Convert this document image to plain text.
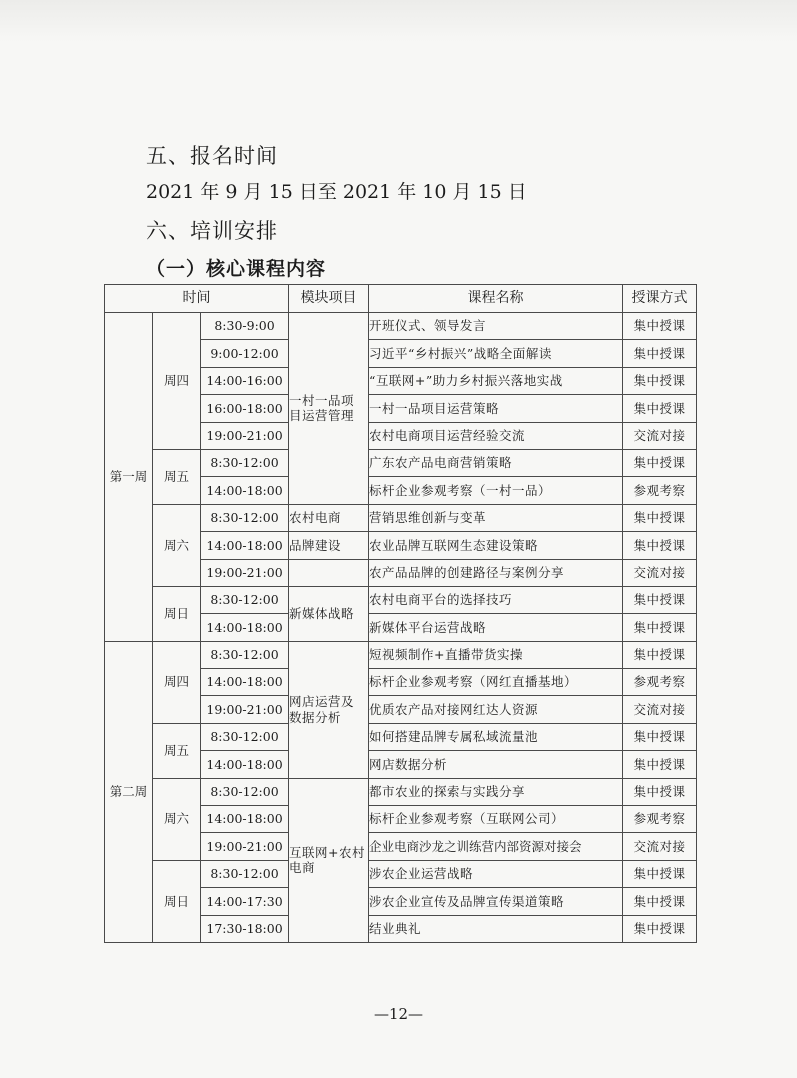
五、报名时间

2021 年 9 月 15 日至 2021 年 10 月 15 日

六、培训安排
（一）核心课程内容
时间			模块项目	课程名称	授课方式
第一周	周四	8:30-9:00	一村一品项
目运营管理	开班仪式、领导发言	集中授课
		9:00-12:00		习近平“乡村振兴”战略全面解读	集中授课
		14:00-16:00		“互联网+”助力乡村振兴落地实战	集中授课
		16:00-18:00		一村一品项目运营策略	集中授课
		19:00-21:00		农村电商项目运营经验交流	交流对接
	周五	8:30-12:00		广东农产品电商营销策略	集中授课
		14:00-18:00		标杆企业参观考察（一村一品）	参观考察
	周六	8:30-12:00	农村电商	营销思维创新与变革	集中授课
		14:00-18:00	品牌建设	农业品牌互联网生态建设策略	集中授课
		19:00-21:00		农产品品牌的创建路径与案例分享	交流对接
	周日	8:30-12:00	新媒体战略	农村电商平台的选择技巧	集中授课
		14:00-18:00		新媒体平台运营战略	集中授课
第二周	周四	8:30-12:00	网店运营及
数据分析	短视频制作+直播带货实操	集中授课
		14:00-18:00		标杆企业参观考察（网红直播基地）	参观考察
		19:00-21:00		优质农产品对接网红达人资源	交流对接
	周五	8:30-12:00		如何搭建品牌专属私域流量池	集中授课
		14:00-18:00		网店数据分析	集中授课
	周六	8:30-12:00	互联网+农村
电商	都市农业的探索与实践分享	集中授课
		14:00-18:00		标杆企业参观考察（互联网公司）	参观考察
		19:00-21:00		企业电商沙龙之训练营内部资源对接会	交流对接
	周日	8:30-12:00		涉农企业运营战略	集中授课
		14:00-17:30		涉农企业宣传及品牌宣传渠道策略	集中授课
		17:30-18:00		结业典礼	集中授课

—12—
